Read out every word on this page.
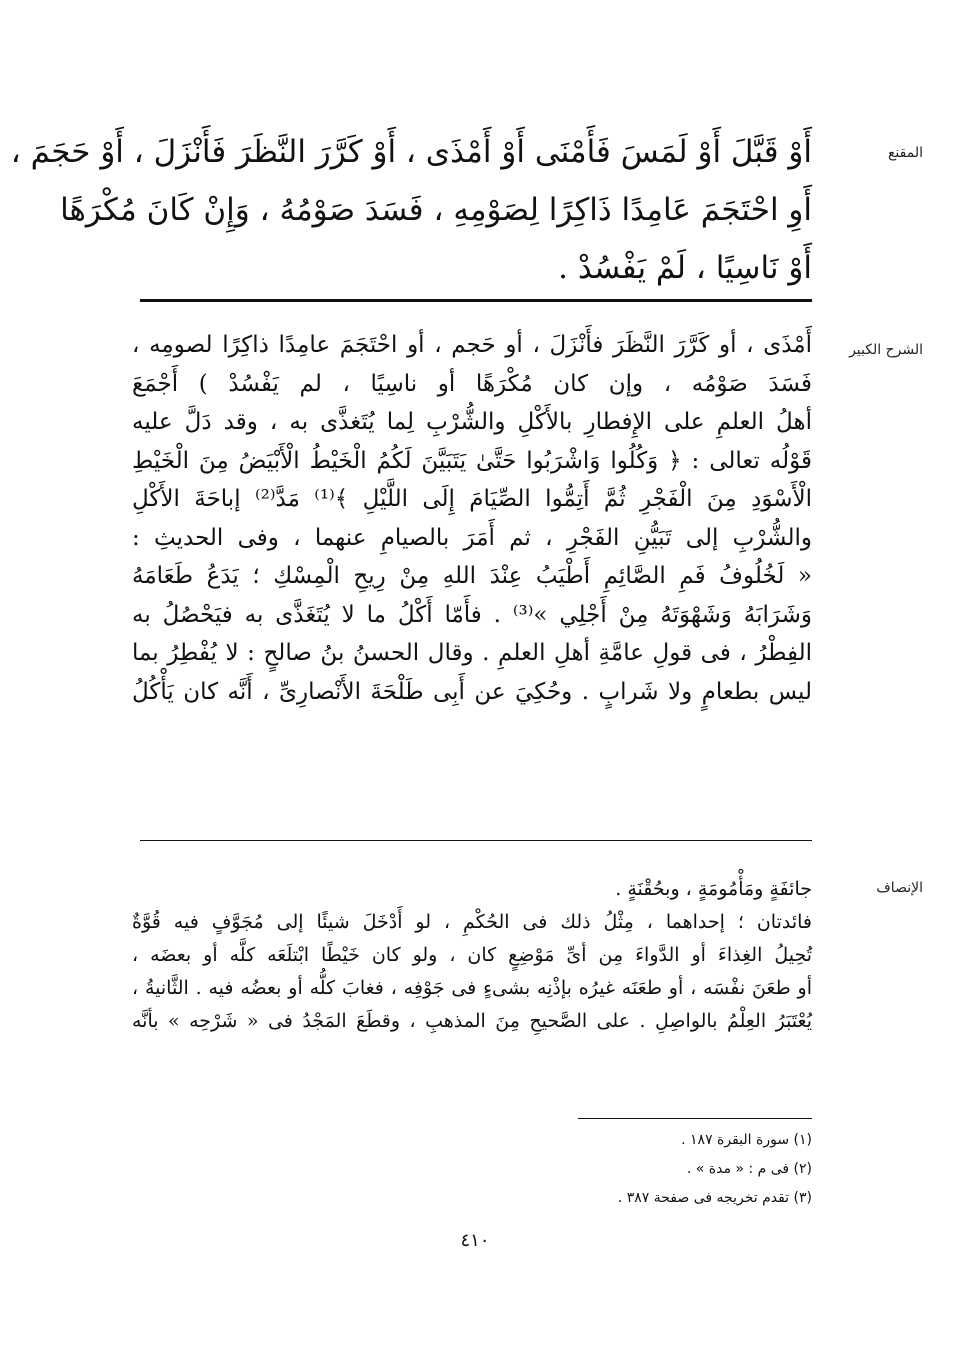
المقنع
أَوْ قَبَّلَ أَوْ لَمَسَ فَأَمْنَى أَوْ أَمْذَى ، أَوْ كَرَّرَ النَّظَرَ فَأَنْزَلَ ، أَوْ حَجَمَ ،
أَوِ احْتَجَمَ عَامِدًا ذَاكِرًا لِصَوْمِهِ ، فَسَدَ صَوْمُهُ ، وَإِنْ كَانَ مُكْرَهًا
أَوْ نَاسِيًا ، لَمْ يَفْسُدْ .
الشرح الكبير
أَمْذَى ، أو كَرَّرَ النَّظَرَ فأَنْزَلَ ، أو حَجم ، أو احْتَجَمَ عامِدًا ذاكِرًا لصومِه ،
فَسَدَ صَوْمُه ، وإن كان مُكْرَهًا أو ناسِيًا ، لم يَفْسُدْ ) أَجْمَعَ
أهلُ العلمِ على الإِفطارِ بالأَكْلِ والشُّرْبِ لِما يُتَغذَّى به ، وقد دَلَّ عليه
قَوْلُه تعالى : ﴿ وَكُلُوا وَاشْرَبُوا حَتَّىٰ يَتَبَيَّنَ لَكُمُ الْخَيْطُ الْأَبْيَضُ مِنَ الْخَيْطِ
الْأَسْوَدِ مِنَ الْفَجْرِ ثُمَّ أَتِمُّوا الصِّيَامَ إِلَى اللَّيْلِ ﴾⁽¹⁾ مَدَّ⁽²⁾ إباحَةَ الأَكْلِ
والشُّرْبِ إلى تَبَيُّنِ الفَجْرِ ، ثم أَمَرَ بالصيامِ عنهما ، وفى الحديثِ :
« لَخُلُوفُ فَمِ الصَّائِمِ أَطْيَبُ عِنْدَ اللهِ مِنْ رِيحِ الْمِسْكِ ؛ يَدَعُ طَعَامَهُ
وَشَرَابَهُ وَشَهْوَتَهُ مِنْ أَجْلِي »⁽³⁾ . فأَمّا أَكْلُ ما لا يُتَغَذَّى به فيَحْصُلُ به
الفِطْرُ ، فى قولِ عامَّةِ أهلِ العلمِ . وقال الحسنُ بنُ صالحٍ : لا يُفْطِرُ بما
ليس بطعامٍ ولا شَرابٍ . وحُكِيَ عن أَبِى طَلْحَةَ الأَنْصارِىِّ ، أَنَّه كان يَأْكُلُ
الإنصاف
جائفَةٍ ومَأْمُومَةٍ ، وبحُقْنَةٍ .
فائدتان ؛ إحداهما ، مِثْلُ ذلك فى الحُكْمِ ، لو أَدْخَلَ شيئًا إلى مُجَوَّفٍ فيه قُوَّةٌ
تُحِيلُ الغِذاءَ أو الدَّواءَ مِن أىِّ مَوْضِعٍ كان ، ولو كان خَيْطًا ابْتلَعَه كلَّه أو بعضَه ،
أو طعَنَ نفْسَه ، أو طعَنَه غيرُه بإذْنِه بشىءٍ فى جَوْفِه ، فغابَ كلُّه أو بعضُه فيه . الثَّانيةُ ،
يُعْتَبَرُ العِلْمُ بالواصِلِ . على الصَّحيحِ مِنَ المذهبِ ، وقطَعَ المَجْدُ فى « شَرْحِه » بأنَّه
(١) سورة البقرة ١٨٧ .
(٢) فى م : « مدة » .
(٣) تقدم تخريجه فى صفحة ٣٨٧ .
٤١٠
